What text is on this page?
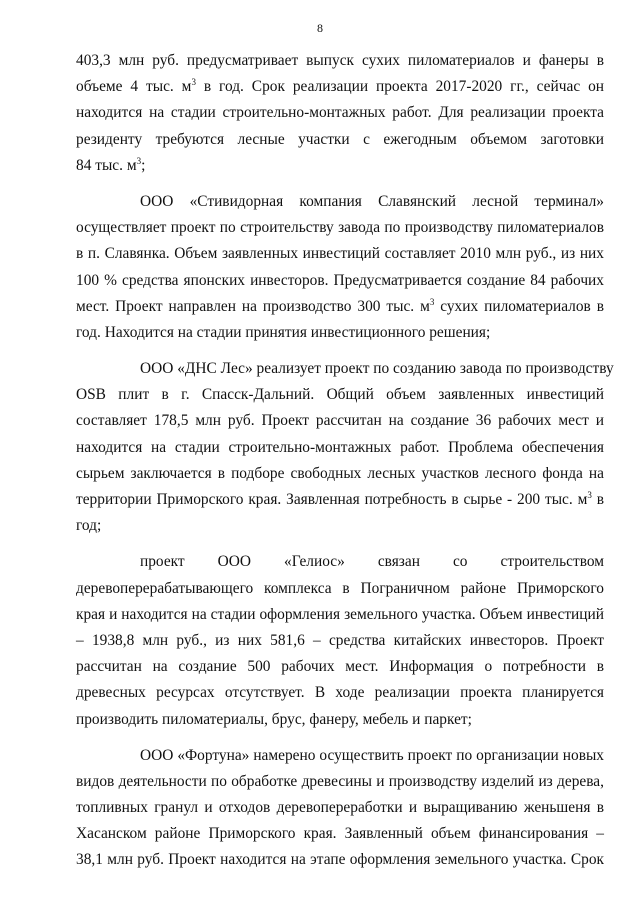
8
403,3 млн руб. предусматривает выпуск сухих пиломатериалов и фанеры в
объеме 4 тыс. $м^3$ в год. Срок реализации проекта 2017-2020 гг., сейчас он
находится на стадии строительно-монтажных работ. Для реализации проекта
резиденту требуются лесные участки с ежегодным объемом заготовки
84 тыс. $м^3$;
ООО «Стивидорная компания Славянский лесной терминал»
осуществляет проект по строительству завода по производству пиломатериалов
в п. Славянка. Объем заявленных инвестиций составляет 2010 млн руб., из них
100 % средства японских инвесторов. Предусматривается создание 84 рабочих
мест. Проект направлен на производство 300 тыс. $м^3$ сухих пиломатериалов в
год. Находится на стадии принятия инвестиционного решения;
ООО «ДНС Лес» реализует проект по созданию завода по производству
OSB плит в г. Спасск-Дальний. Общий объем заявленных инвестиций
составляет 178,5 млн руб. Проект рассчитан на создание 36 рабочих мест и
находится на стадии строительно-монтажных работ. Проблема обеспечения
сырьем заключается в подборе свободных лесных участков лесного фонда на
территории Приморского края. Заявленная потребность в сырье - 200 тыс. $м^3$ в
год;
проект ООО «Гелиос» связан со строительством
деревоперерабатывающего комплекса в Пограничном районе Приморского
края и находится на стадии оформления земельного участка. Объем инвестиций
– 1938,8 млн руб., из них 581,6 – средства китайских инвесторов. Проект
рассчитан на создание 500 рабочих мест. Информация о потребности в
древесных ресурсах отсутствует. В ходе реализации проекта планируется
производить пиломатериалы, брус, фанеру, мебель и паркет;
ООО «Фортуна» намерено осуществить проект по организации новых
видов деятельности по обработке древесины и производству изделий из дерева,
топливных гранул и отходов деревопереработки и выращиванию женьшеня в
Хасанском районе Приморского края. Заявленный объем финансирования –
38,1 млн руб. Проект находится на этапе оформления земельного участка. Срок
